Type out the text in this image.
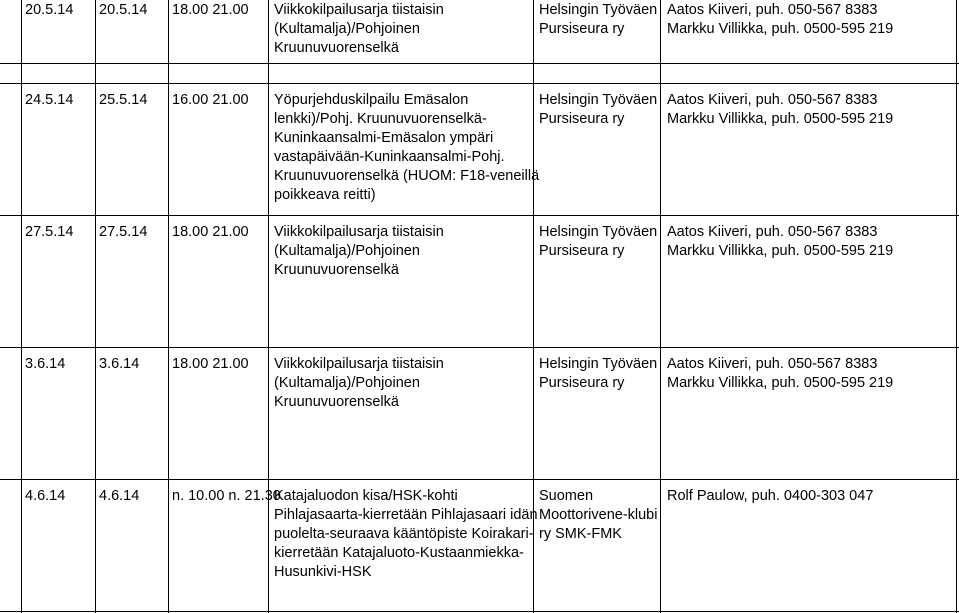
20.5.14 20.5.14 18.00 21.00 Viikkokilpailusarja tiistaisin
(Kultamalja)/Pohjoinen
Kruunuvuorenselkä
Helsingin Työväen
Pursiseura ry
Aatos Kiiveri, puh. 050-567 8383
Markku Villikka, puh. 0500-595 219
24.5.14 25.5.14 16.00 21.00 Yöpurjehduskilpailu Emäsalon
lenkki)/Pohj. Kruunuvuorenselkä-
Kuninkaansalmi-Emäsalon ympäri
vastapäivään-Kuninkaansalmi-Pohj.
Kruunuvuorenselkä (HUOM: F18-veneillä
poikkeava reitti)
Helsingin Työväen
Pursiseura ry
Aatos Kiiveri, puh. 050-567 8383
Markku Villikka, puh. 0500-595 219
27.5.14 27.5.14 18.00 21.00 Viikkokilpailusarja tiistaisin
(Kultamalja)/Pohjoinen
Kruunuvuorenselkä
Helsingin Työväen
Pursiseura ry
Aatos Kiiveri, puh. 050-567 8383
Markku Villikka, puh. 0500-595 219
3.6.14 3.6.14 18.00 21.00 Viikkokilpailusarja tiistaisin
(Kultamalja)/Pohjoinen
Kruunuvuorenselkä
Helsingin Työväen
Pursiseura ry
Aatos Kiiveri, puh. 050-567 8383
Markku Villikka, puh. 0500-595 219
4.6.14 4.6.14 n. 10.00 n. 21.30
Katajaluodon kisa/HSK-kohti
Pihlajasaarta-kierretään Pihlajasaari idän
puolelta-seuraava kääntöpiste Koirakari-
kierretään Katajaluoto-Kustaanmiekka-
Husunkivi-HSK
Suomen
Moottorivene-klubi
ry SMK-FMK
Rolf Paulow, puh. 0400-303 047
